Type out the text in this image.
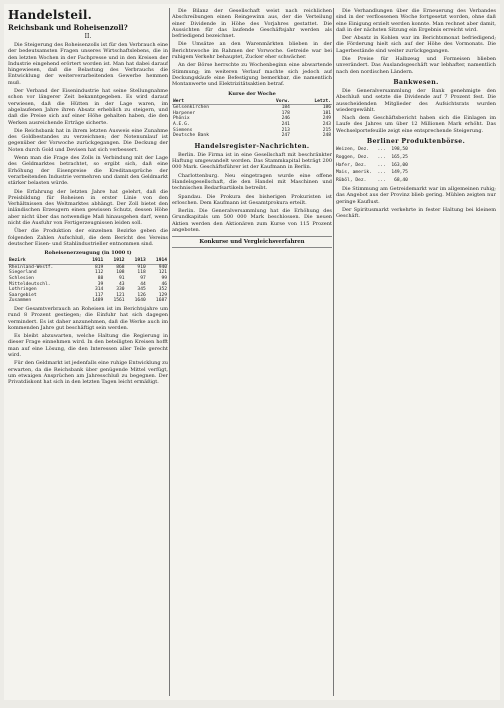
Handelsteil.
Reichsbank und Roheisenzoll?
II.

Die Steigerung des Roheisenzolls ist für den Verbrauch eine der bedeutsamsten Fragen unseres Wirtschaftslebens, die in den letzten Wochen in der Fachpresse und in den Kreisen der Industrie eingehend erörtert worden ist. Man hat dabei darauf hingewiesen, daß die Belastung des Verbrauchs die Entwicklung der weiterverarbeitenden Gewerbe hemmen muß.

Der Verband der Eisenindustrie hat seine Stellungnahme schon vor längerer Zeit bekanntgegeben. Es wird darauf verwiesen, daß die Hütten in der Lage waren, im abgelaufenen Jahre ihren Absatz erheblich zu steigern, und daß die Preise sich auf einer Höhe gehalten haben, die den Werken ausreichende Erträge sicherte.

Die Reichsbank hat in ihrem letzten Ausweis eine Zunahme des Goldbestandes zu verzeichnen; der Notenumlauf ist gegenüber der Vorwoche zurückgegangen. Die Deckung der Noten durch Gold und Devisen hat sich verbessert.

Wenn man die Frage des Zolls in Verbindung mit der Lage des Geldmarktes betrachtet, so ergibt sich, daß eine Erhöhung der Eisenpreise die Kreditansprüche der verarbeitenden Industrie vermehren und damit den Geldmarkt stärker belasten würde.

Die Erfahrung der letzten Jahre hat gelehrt, daß die Preisbildung für Roheisen in erster Linie von den Verhältnissen des Weltmarktes abhängt. Der Zoll bietet den inländischen Erzeugern einen gewissen Schutz, dessen Höhe aber nicht über das notwendige Maß hinausgehen darf, wenn nicht die Ausfuhr von Fertigerzeugnissen leiden soll.

Über die Produktion der einzelnen Bezirke geben die folgenden Zahlen Aufschluß, die dem Bericht des Vereins deutscher Eisen- und Stahlindustrieller entnommen sind.

Roheisenerzeugung (in 1000 t)
Bezirk	1911	1912	1913	1914
Rheinland-Westf.	819	868	910	940
Siegerland	112	108	118	121
Schlesien	88	91	97	99
Mitteldeutschl.	39	43	44	46
Lothringen	314	330	345	352
Saargebiet	117	121	126	129
Zusammen	1489	1561	1640	1687

Der Gesamtverbrauch an Roheisen ist im Berichtsjahre um rund 8 Prozent gestiegen; die Einfuhr hat sich dagegen vermindert. Es ist daher anzunehmen, daß die Werke auch im kommenden Jahre gut beschäftigt sein werden.

Es bleibt abzuwarten, welche Haltung die Regierung in dieser Frage einnehmen wird. In den beteiligten Kreisen hofft man auf eine Lösung, die den Interessen aller Teile gerecht wird.

Für den Geldmarkt ist jedenfalls eine ruhige Entwicklung zu erwarten, da die Reichsbank über genügende Mittel verfügt, um etwaigen Ansprüchen am Jahresschluß zu begegnen. Der Privatdiskont hat sich in den letzten Tagen leicht ermäßigt.

Die Bilanz der Gesellschaft weist nach reichlichen Abschreibungen einen Reingewinn aus, der die Verteilung einer Dividende in Höhe des Vorjahres gestattet. Die Aussichten für das laufende Geschäftsjahr werden als befriedigend bezeichnet.

Die Umsätze an den Warenmärkten blieben in der Berichtswoche im Rahmen der Vorwoche. Getreide war bei ruhigem Verkehr behauptet, Zucker eher schwächer.

An der Börse herrschte zu Wochenbeginn eine abwartende Stimmung; im weiteren Verlauf machte sich jedoch auf Deckungskäufe eine Befestigung bemerkbar, die namentlich Montanwerte und Elektrizitätsaktien betraf.

Kurse der Woche
Wert	Vorw.	Letzt.
Gelsenkirchen	184	186
Harpener	178	181
Phönix	246	249
A.E.G.	241	243
Siemens	213	215
Deutsche Bank	247	248
Handelsregister-Nachrichten.

Berlin. Die Firma ist in eine Gesellschaft mit beschränkter Haftung umgewandelt worden. Das Stammkapital beträgt 200 000 Mark. Geschäftsführer ist der Kaufmann in Berlin.

Charlottenburg. Neu eingetragen wurde eine offene Handelsgesellschaft, die den Handel mit Maschinen und technischen Bedarfsartikeln betreibt.

Spandau. Die Prokura des bisherigen Prokuristen ist erloschen. Dem Kaufmann ist Gesamtprokura erteilt.

Berlin. Die Generalversammlung hat die Erhöhung des Grundkapitals um 500 000 Mark beschlossen. Die neuen Aktien werden den Aktionären zum Kurse von 115 Prozent angeboten.

Konkurse und Vergleichsverfahren

Die Verhandlungen über die Erneuerung des Verbandes sind in der verflossenen Woche fortgesetzt worden, ohne daß eine Einigung erzielt werden konnte. Man rechnet aber damit, daß in der nächsten Sitzung ein Ergebnis erreicht wird.

Der Absatz in Kohlen war im Berichtsmonat befriedigend; die Förderung hielt sich auf der Höhe des Vormonats. Die Lagerbestände sind weiter zurückgegangen.

Die Preise für Halbzeug und Formeisen blieben unverändert. Das Auslandsgeschäft war lebhafter, namentlich nach den nordischen Ländern.

Bankwesen.

Die Generalversammlung der Bank genehmigte den Abschluß und setzte die Dividende auf 7 Prozent fest. Die ausscheidenden Mitglieder des Aufsichtsrats wurden wiedergewählt.

Nach dem Geschäftsbericht haben sich die Einlagen im Laufe des Jahres um über 12 Millionen Mark erhöht. Das Wechselportefeuille zeigt eine entsprechende Steigerung.

Berliner Produktenbörse.
Weizen, Dez.   ...  198,50
Roggen, Dez.   ...  165,25
Hafer, Dez.    ...  163,00
Mais, amerik.  ...  149,75
Rüböl, Dez.    ...   68,40

Die Stimmung am Getreidemarkt war im allgemeinen ruhig; das Angebot aus der Provinz blieb gering. Mühlen zeigten nur geringe Kauflust.

Der Spiritusmarkt verkehrte in fester Haltung bei kleinem Geschäft.
